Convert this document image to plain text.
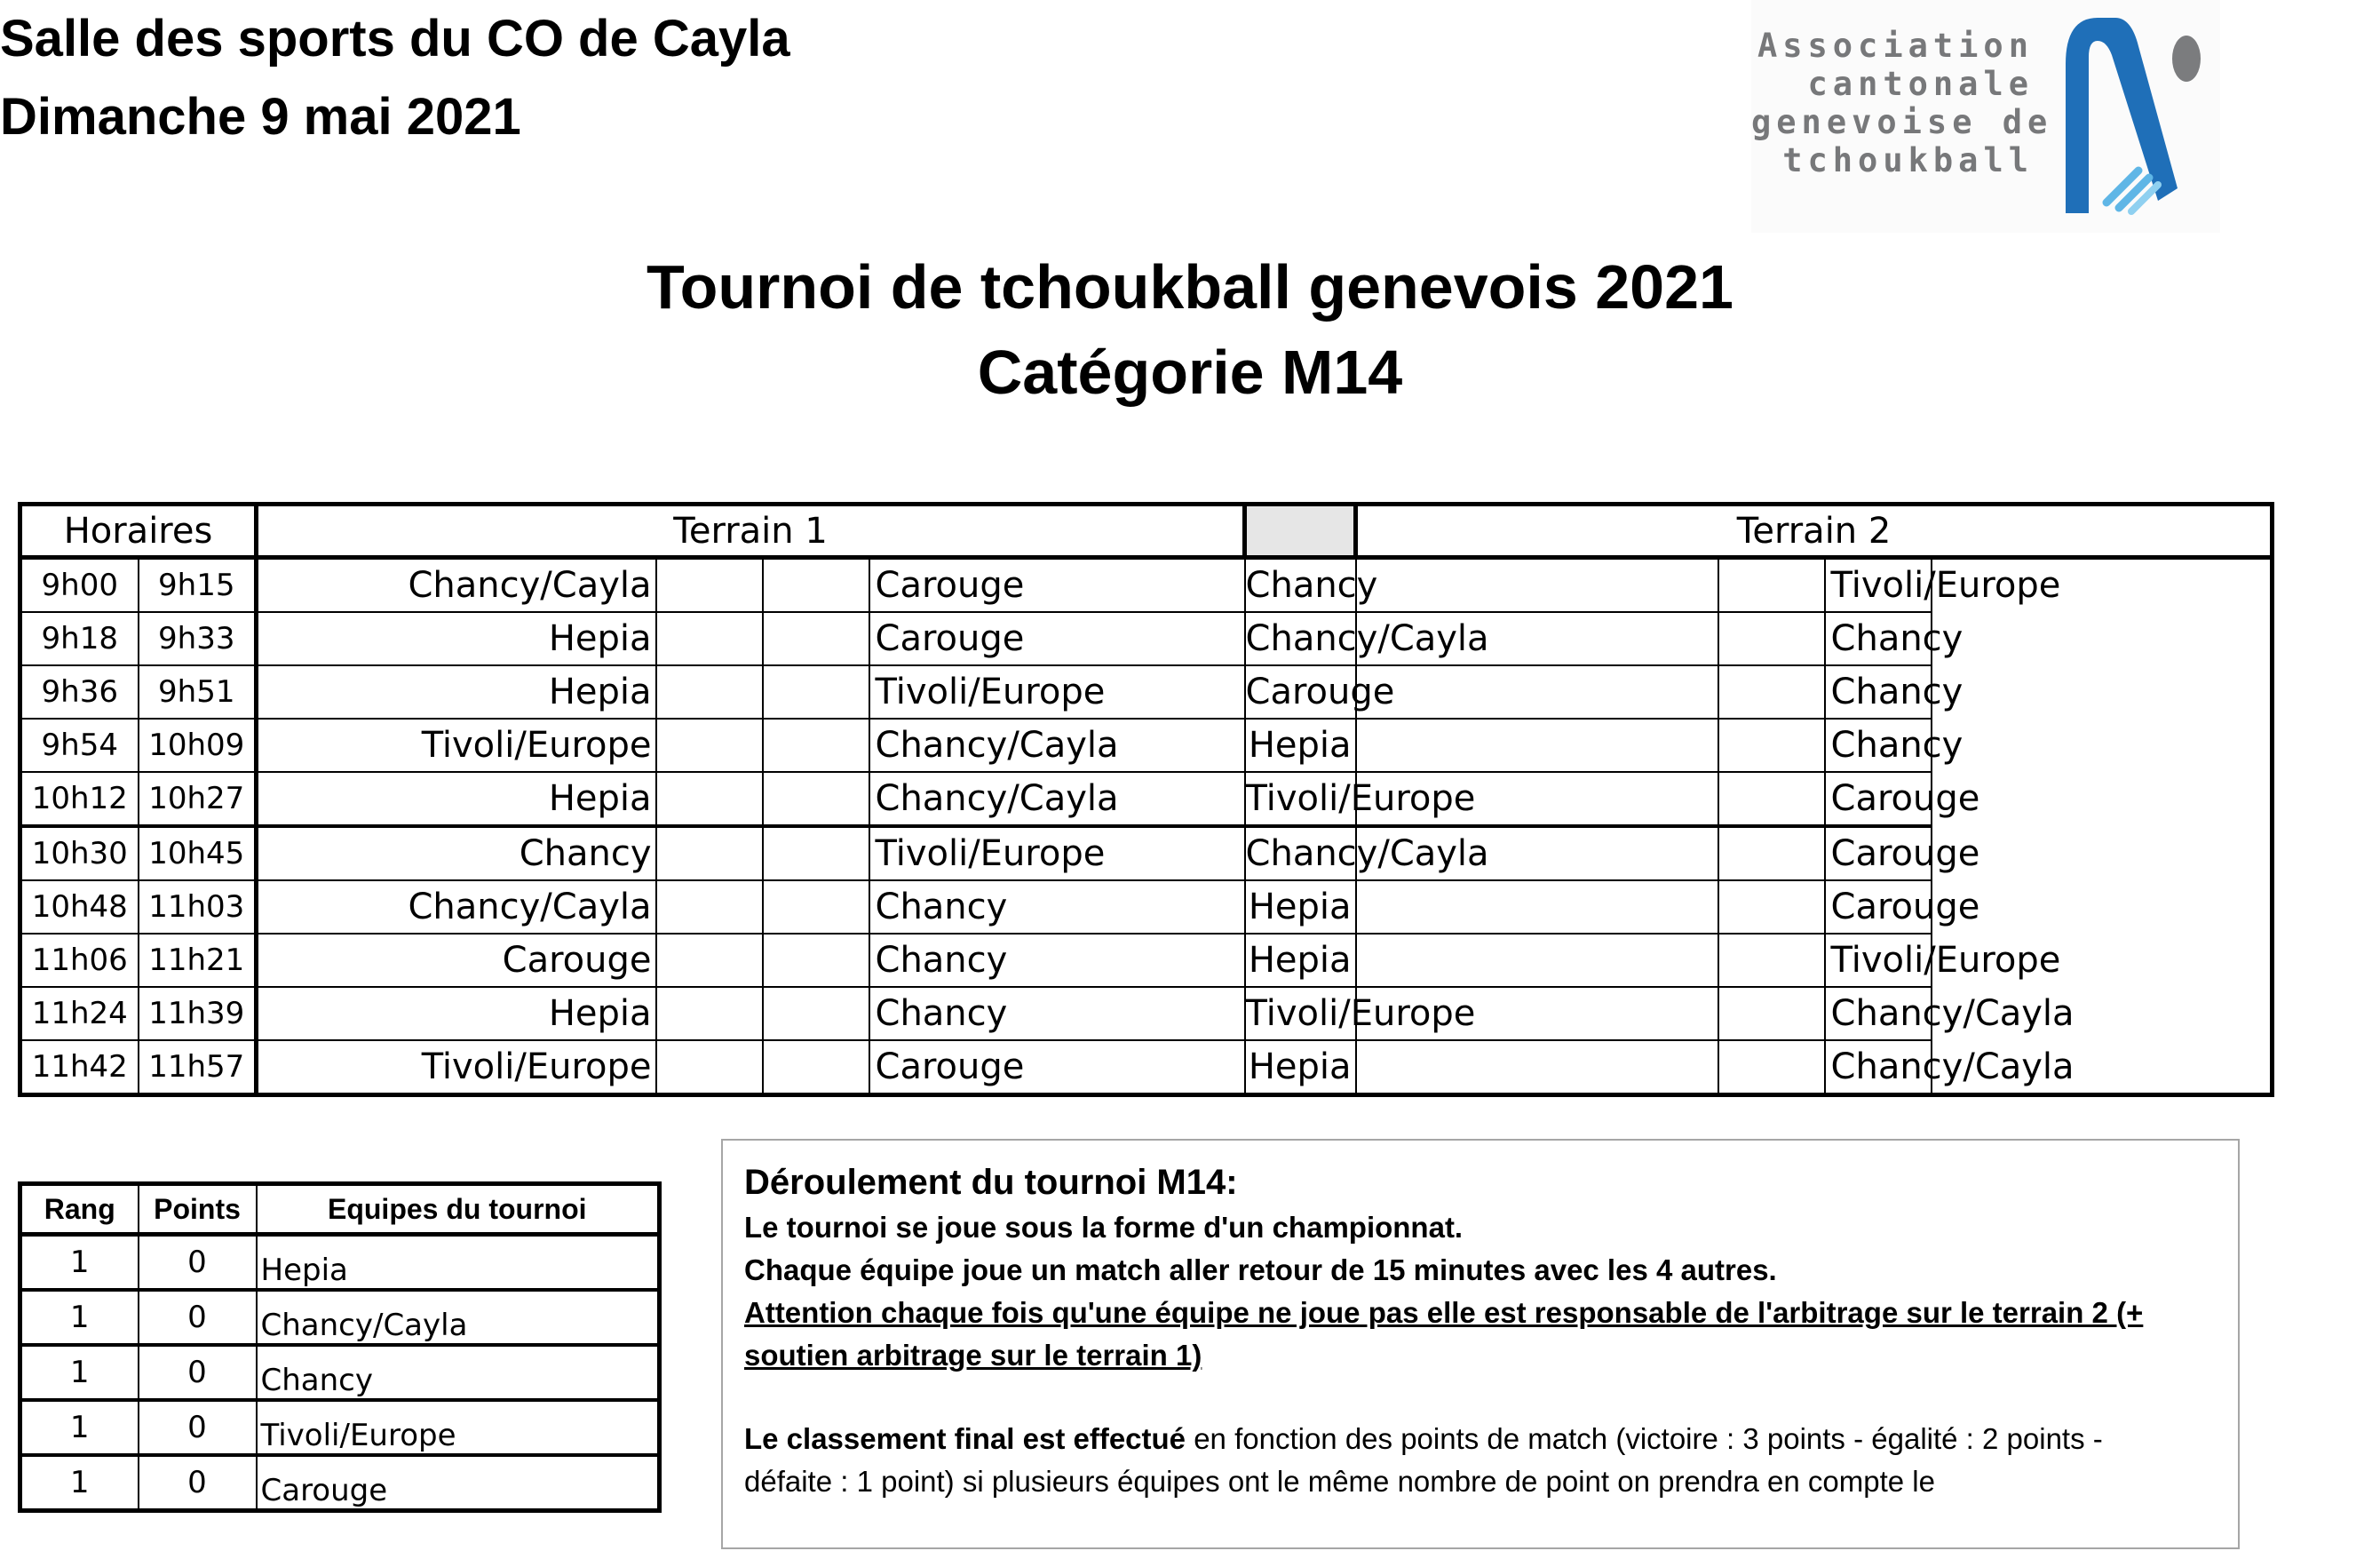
Salle des sports du CO de Cayla
Dimanche 9 mai 2021
Association
cantonale
genevoise de
tchoukball
Tournoi de tchoukball genevois 2021
Catégorie M14
Horaires		Terrain 1					Terrain 2		
9h00	9h15	Chancy/Cayla			Carouge	Chancy			Tivoli/Europe
9h18	9h33	Hepia			Carouge	Chancy/Cayla			Chancy
9h36	9h51	Hepia			Tivoli/Europe	Carouge			Chancy
9h54	10h09	Tivoli/Europe			Chancy/Cayla	Hepia			Chancy
10h12	10h27	Hepia			Chancy/Cayla	Tivoli/Europe			Carouge
10h30	10h45	Chancy			Tivoli/Europe	Chancy/Cayla			Carouge
10h48	11h03	Chancy/Cayla			Chancy	Hepia			Carouge
11h06	11h21	Carouge			Chancy	Hepia			Tivoli/Europe
11h24	11h39	Hepia			Chancy	Tivoli/Europe			Chancy/Cayla
11h42	11h57	Tivoli/Europe			Carouge	Hepia			Chancy/Cayla
Rang	Points	Equipes du tournoi
1	0	Hepia
1	0	Chancy/Cayla
1	0	Chancy
1	0	Tivoli/Europe
1	0	Carouge
Déroulement du tournoi M14:
Le tournoi se joue sous la forme d'un championnat.
Chaque équipe joue un match aller retour de 15 minutes avec les 4 autres.
Attention chaque fois qu'une équipe ne joue pas elle est responsable de l'arbitrage sur le terrain 2 (+
soutien arbitrage sur le terrain 1)
Le classement final est effectué en fonction des points de match (victoire : 3 points - égalité : 2 points -
défaite : 1 point) si plusieurs équipes ont le même nombre de point on prendra en compte le
